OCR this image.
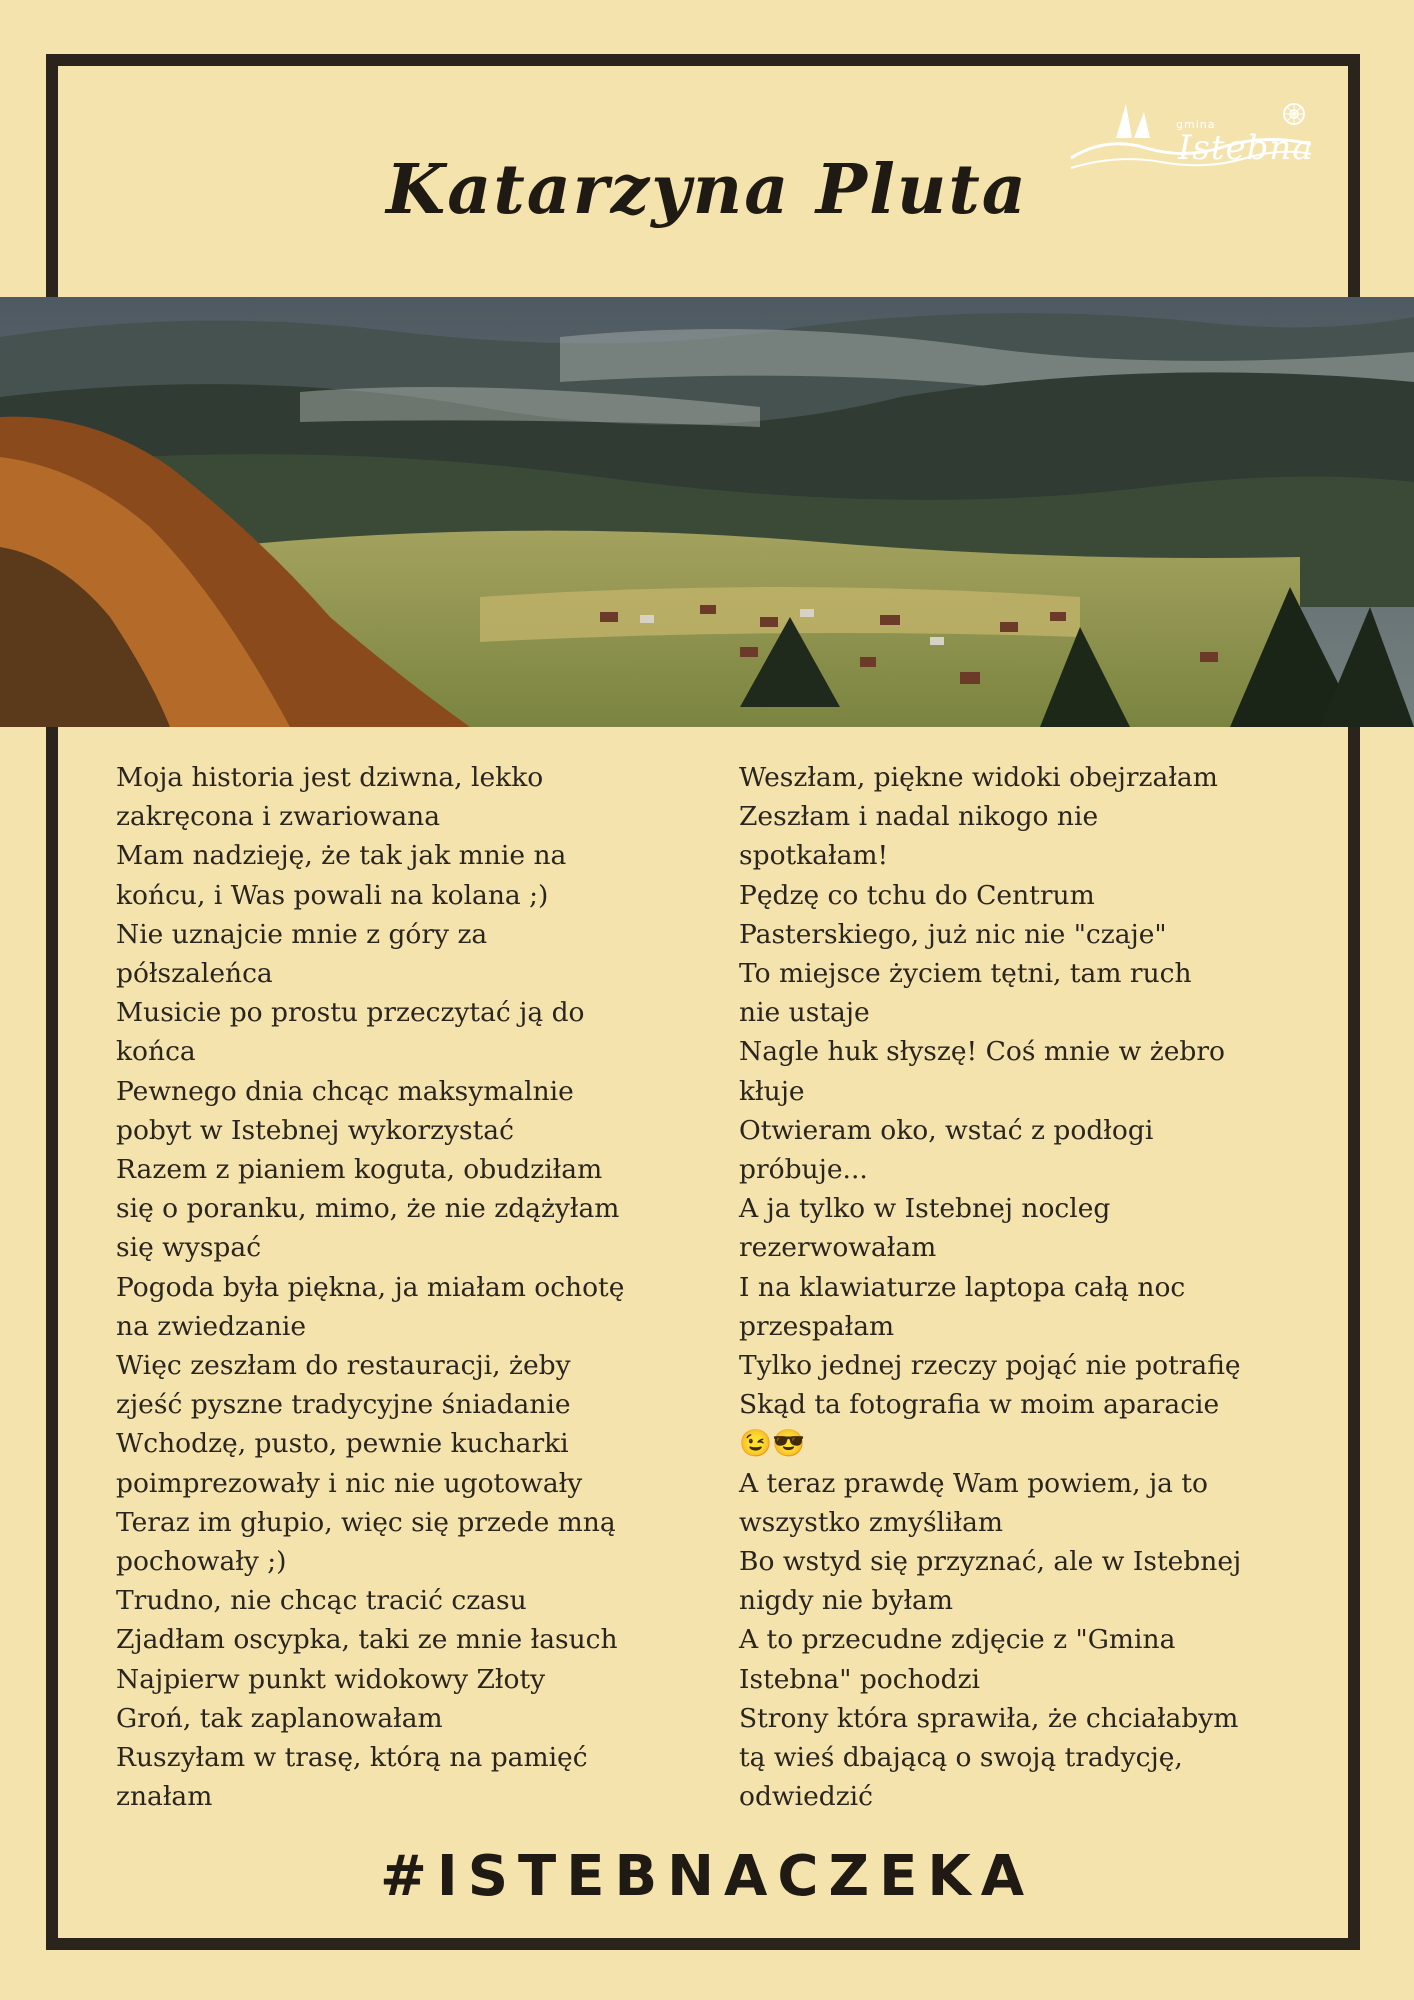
Katarzyna Pluta
gmina
Istebna
Moja historia jest dziwna, lekko
zakręcona i zwariowana
Mam nadzieję, że tak jak mnie na
końcu, i Was powali na kolana ;)
Nie uznajcie mnie z góry za
półszaleńca
Musicie po prostu przeczytać ją do
końca
Pewnego dnia chcąc maksymalnie
pobyt w Istebnej wykorzystać
Razem z pianiem koguta, obudziłam
się o poranku, mimo, że nie zdążyłam
się wyspać
Pogoda była piękna, ja miałam ochotę
na zwiedzanie
Więc zeszłam do restauracji, żeby
zjeść pyszne tradycyjne śniadanie
Wchodzę, pusto, pewnie kucharki
poimprezowały i nic nie ugotowały
Teraz im głupio, więc się przede mną
pochowały ;)
Trudno, nie chcąc tracić czasu
Zjadłam oscypka, taki ze mnie łasuch
Najpierw punkt widokowy Złoty
Groń, tak zaplanowałam
Ruszyłam w trasę, którą na pamięć
znałam
Weszłam, piękne widoki obejrzałam
Zeszłam i nadal nikogo nie
spotkałam!
Pędzę co tchu do Centrum
Pasterskiego, już nic nie "czaje"
To miejsce życiem tętni, tam ruch
nie ustaje
Nagle huk słyszę! Coś mnie w żebro
kłuje
Otwieram oko, wstać z podłogi
próbuje...
A ja tylko w Istebnej nocleg
rezerwowałam
I na klawiaturze laptopa całą noc
przespałam
Tylko jednej rzeczy pojąć nie potrafię
Skąd ta fotografia w moim aparacie
😉😎
A teraz prawdę Wam powiem, ja to
wszystko zmyśliłam
Bo wstyd się przyznać, ale w Istebnej
nigdy nie byłam
A to przecudne zdjęcie z "Gmina
Istebna" pochodzi
Strony która sprawiła, że chciałabym
tą wieś dbającą o swoją tradycję,
odwiedzić
#ISTEBNACZEKA
